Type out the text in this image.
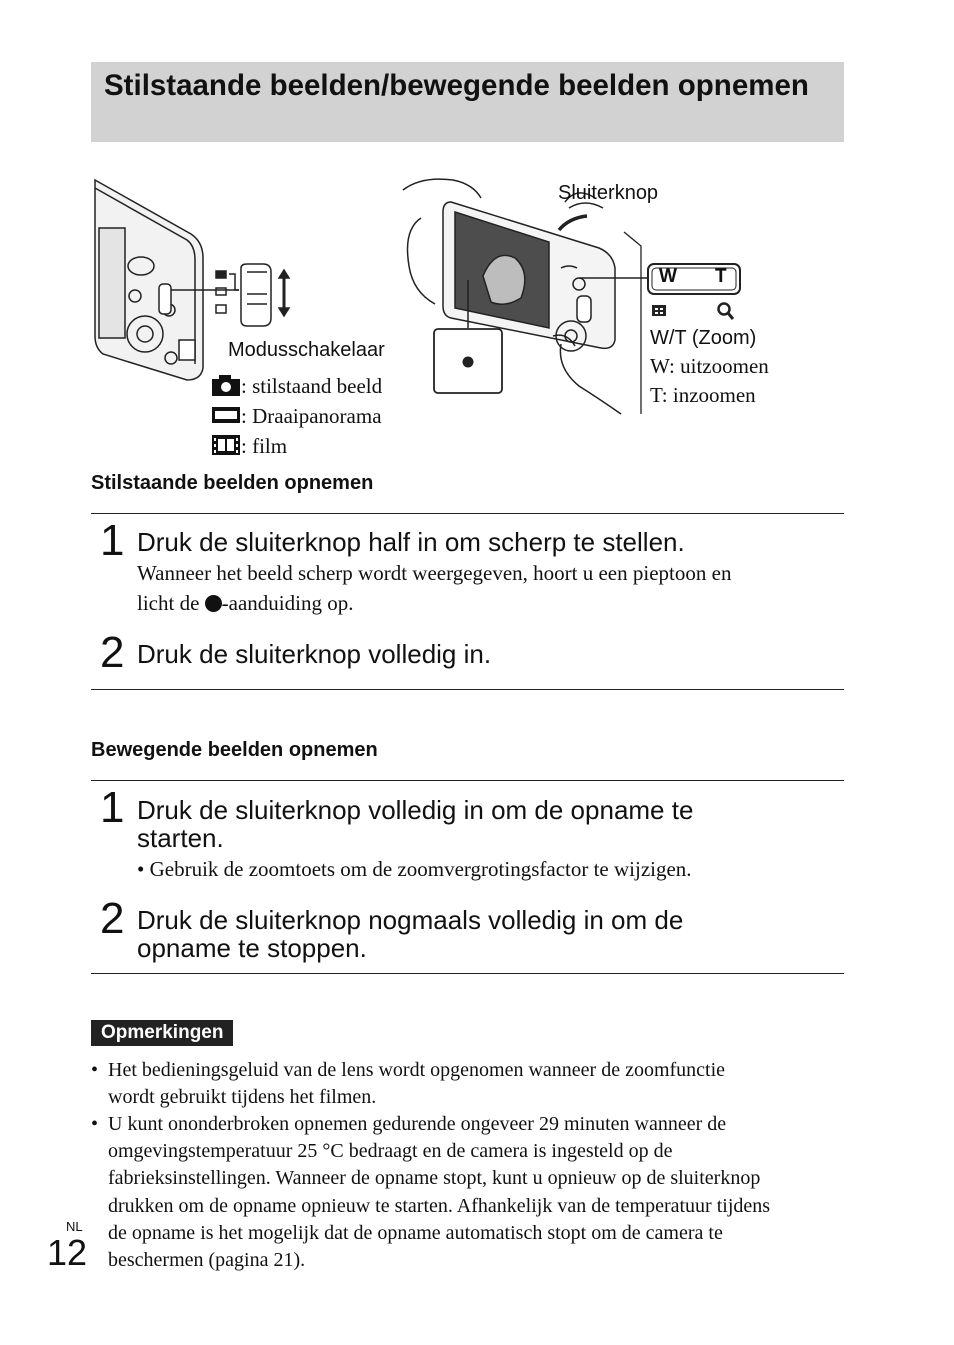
Stilstaande beelden/bewegende beelden opnemen
Sluiterknop
W T
Modusschakelaar
W/T (Zoom)
W: uitzoomen
T: inzoomen
: stilstaand beeld
: Draaipanorama
: film
Stilstaande beelden opnemen
1 Druk de sluiterknop half in om scherp te stellen.
Wanneer het beeld scherp wordt weergegeven, hoort u een pieptoon en
licht de -aanduiding op.
2 Druk de sluiterknop volledig in.
Bewegende beelden opnemen
1 Druk de sluiterknop volledig in om de opname te
starten.
• Gebruik de zoomtoets om de zoomvergrotingsfactor te wijzigen.
2 Druk de sluiterknop nogmaals volledig in om de
opname te stoppen.
Opmerkingen
• Het bedieningsgeluid van de lens wordt opgenomen wanneer de zoomfunctie
wordt gebruikt tijdens het filmen.
• U kunt ononderbroken opnemen gedurende ongeveer 29 minuten wanneer de
omgevingstemperatuur 25 °C bedraagt en de camera is ingesteld op de
fabrieksinstellingen. Wanneer de opname stopt, kunt u opnieuw op de sluiterknop
drukken om de opname opnieuw te starten. Afhankelijk van de temperatuur tijdens
de opname is het mogelijk dat de opname automatisch stopt om de camera te
beschermen (pagina 21).
NL
12
